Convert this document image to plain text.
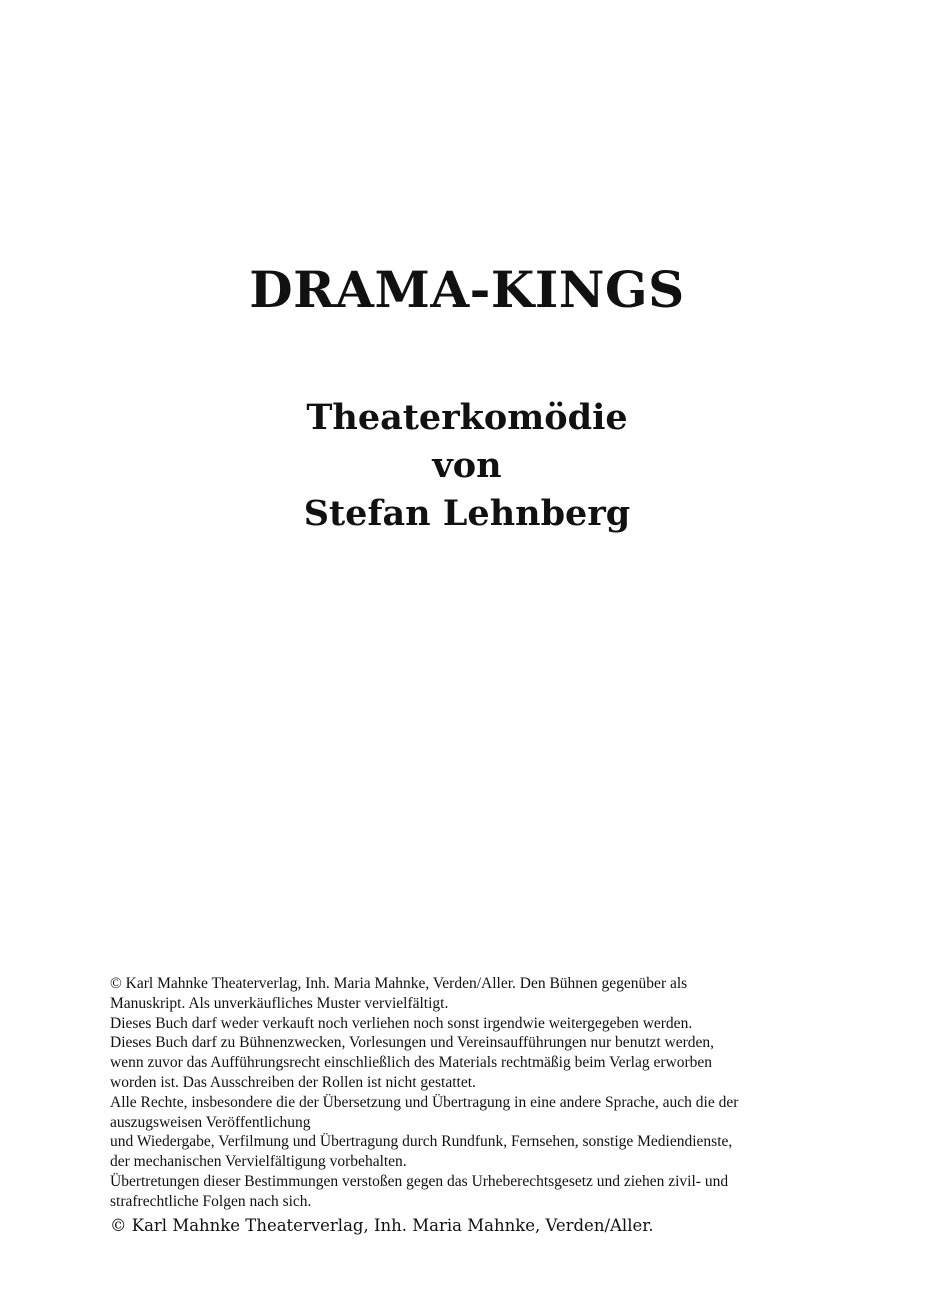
DRAMA-KINGS
Theaterkomödie
von
Stefan Lehnberg

© Karl Mahnke Theaterverlag, Inh. Maria Mahnke, Verden/Aller. Den Bühnen gegenüber als

Manuskript. Als unverkäufliches Muster vervielfältigt.

Dieses Buch darf weder verkauft noch verliehen noch sonst irgendwie weitergegeben werden.

Dieses Buch darf zu Bühnenzwecken, Vorlesungen und Vereinsaufführungen nur benutzt werden,

wenn zuvor das Aufführungsrecht einschließlich des Materials rechtmäßig beim Verlag erworben

worden ist. Das Ausschreiben der Rollen ist nicht gestattet.

Alle Rechte, insbesondere die der Übersetzung und Übertragung in eine andere Sprache, auch die der

auszugsweisen Veröffentlichung

und Wiedergabe, Verfilmung und Übertragung durch Rundfunk, Fernsehen, sonstige Mediendienste,

der mechanischen Vervielfältigung vorbehalten.

Übertretungen dieser Bestimmungen verstoßen gegen das Urheberechtsgesetz und ziehen zivil- und

strafrechtliche Folgen nach sich.

© Karl Mahnke Theaterverlag, Inh. Maria Mahnke, Verden/Aller.
